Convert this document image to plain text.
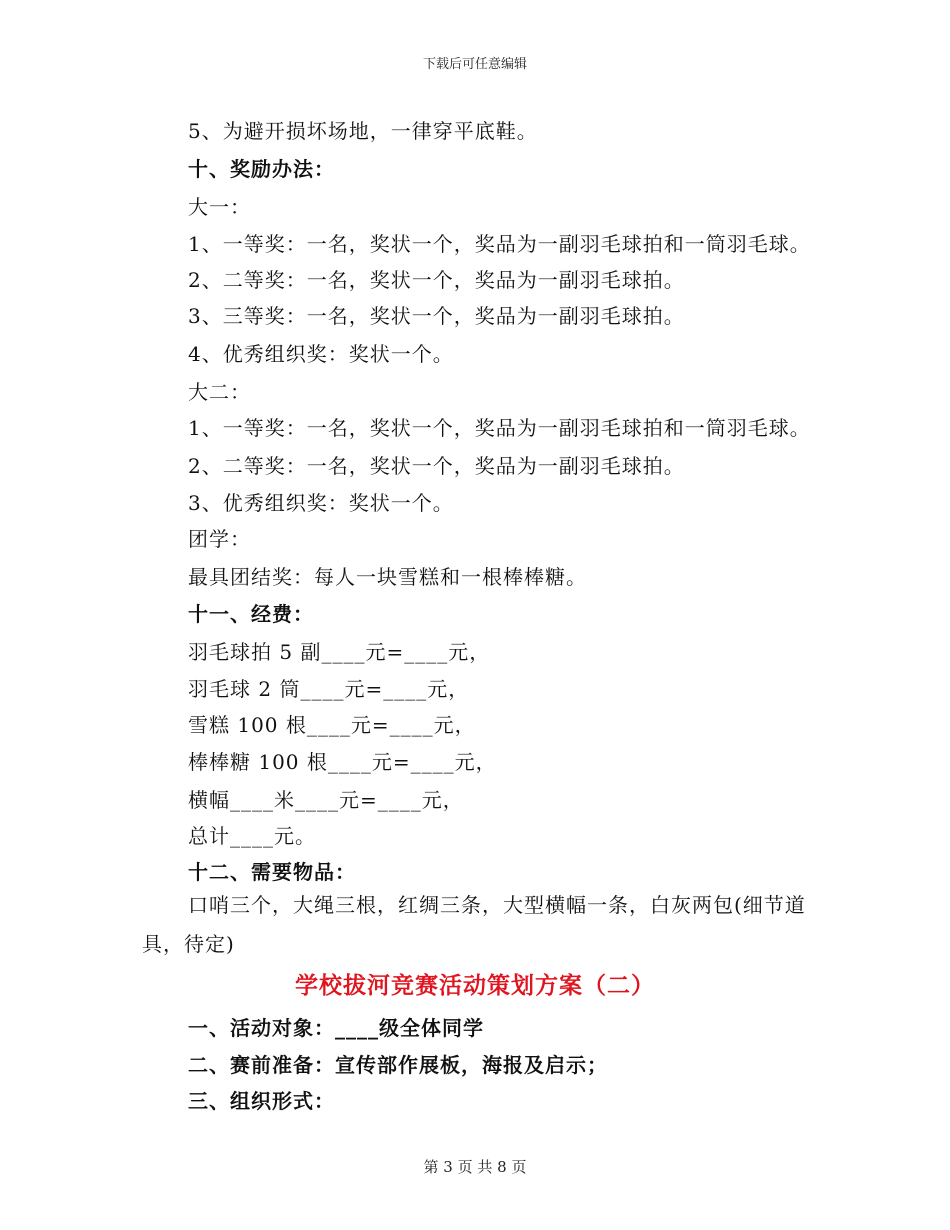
下载后可任意编辑
5、为避开损坏场地，一律穿平底鞋。
十、奖励办法：
大一：
1、一等奖：一名，奖状一个，奖品为一副羽毛球拍和一筒羽毛球。
2、二等奖：一名，奖状一个，奖品为一副羽毛球拍。
3、三等奖：一名，奖状一个，奖品为一副羽毛球拍。
4、优秀组织奖：奖状一个。
大二：
1、一等奖：一名，奖状一个，奖品为一副羽毛球拍和一筒羽毛球。
2、二等奖：一名，奖状一个，奖品为一副羽毛球拍。
3、优秀组织奖：奖状一个。
团学：
最具团结奖：每人一块雪糕和一根棒棒糖。
十一、经费：
羽毛球拍 5 副____元=____元，
羽毛球 2 筒____元=____元，
雪糕 100 根____元=____元，
棒棒糖 100 根____元=____元，
横幅____米____元=____元，
总计____元。
十二、需要物品：
口哨三个，大绳三根，红绸三条，大型横幅一条，白灰两包(细节道具，待定)
学校拔河竞赛活动策划方案（二）
一、活动对象：____级全体同学
二、赛前准备：宣传部作展板，海报及启示；
三、组织形式：
第 3 页 共 8 页
